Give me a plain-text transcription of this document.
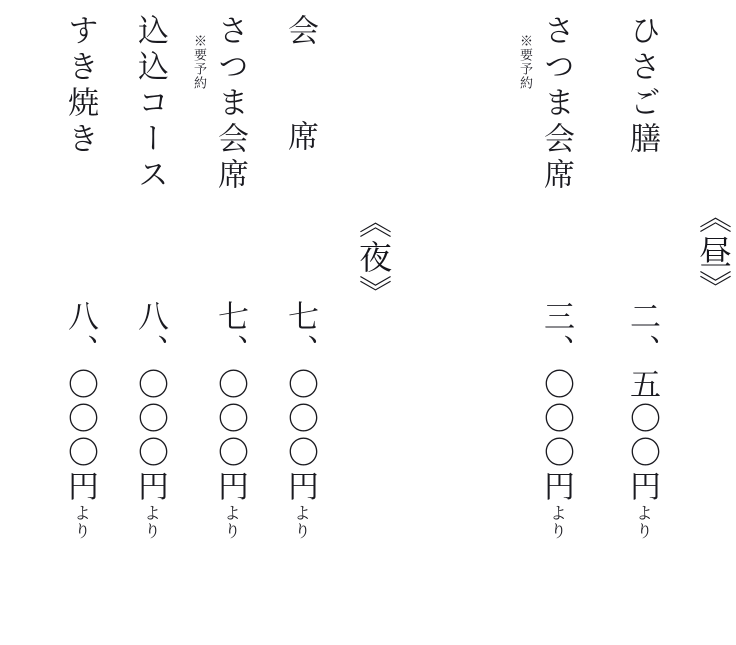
《昼》
ひさご膳
二、五〇〇円より
さつま会席
※要予約
三、〇〇〇円より
《夜》
会　席
七、〇〇〇円より
さつま会席
※要予約
七、〇〇〇円より
込込コース
八、〇〇〇円より
すき焼き
八、〇〇〇円より
